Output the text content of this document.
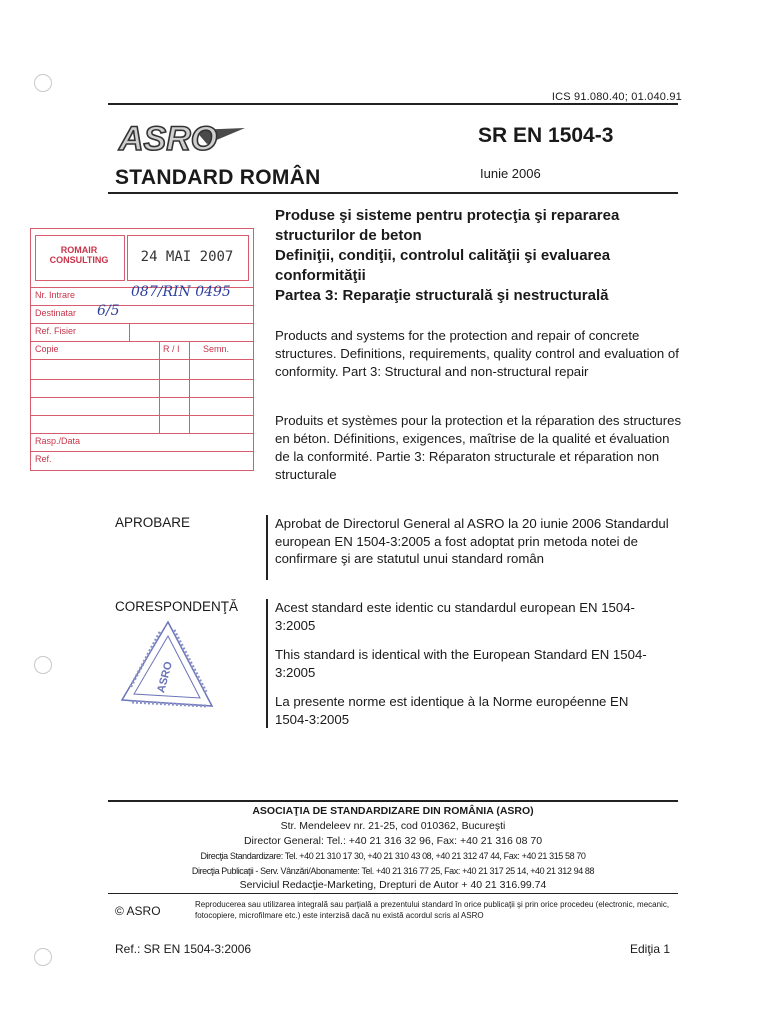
ICS 91.080.40; 01.040.91
ASRO
STANDARD ROMÂN
SR EN 1504-3
Iunie 2006
Produse şi sisteme pentru protecţia şi repararea structurilor de beton
Definiţii, condiţii, controlul calităţii şi evaluarea conformităţii
Partea 3: Reparaţie structurală şi nestructurală
Products and systems for the protection and repair of concrete structures. Definitions, requirements, quality control and evaluation of conformity. Part 3: Structural and non-structural repair
Produits et systèmes pour la protection et la réparation des structures en béton. Définitions, exigences, maîtrise de la qualité et évaluation de la conformité. Partie 3: Réparaton structurale et réparation non structurale
ROMAIR CONSULTING	24 MAI 2007
Nr. Intrare	087/RIN 0495
Destinatar 6/5
Ref. Fisier
Copie	R / I	Semn.
Rasp./Data
Ref.
APROBARE	Aprobat de Directorul General al ASRO la 20 iunie 2006 Standardul european EN 1504-3:2005 a fost adoptat prin metoda notei de confirmare şi are statutul unui standard român

CORESPONDENŢĂ	Acest standard este identic cu standardul european EN 1504-3:2005

This standard is identical with the European Standard EN 1504-3:2005

La presente norme est identique à la Norme européenne EN 1504-3:2005

ASRO
ASOCIAŢIA DE STANDARDIZARE DIN ROMÂNIA (ASRO)
Str. Mendeleev nr. 21-25, cod 010362, Bucureşti
Director General: Tel.: +40 21 316 32 96, Fax: +40 21 316 08 70
Direcţia Standardizare: Tel. +40 21 310 17 30, +40 21 310 43 08, +40 21 312 47 44, Fax: +40 21 315 58 70
Direcţia Publicaţii - Serv. Vânzări/Abonamente: Tel. +40 21 316 77 25, Fax: +40 21 317 25 14, +40 21 312 94 88
Serviciul Redacţie-Marketing, Drepturi de Autor + 40 21 316.99.74
© ASRO	Reproducerea sau utilizarea integrală sau parţială a prezentului standard în orice publicaţii şi prin orice procedeu (electronic, mecanic, fotocopiere, microfilmare etc.) este interzisă dacă nu există acordul scris al ASRO
Ref.: SR EN 1504-3:2006	Ediţia 1
